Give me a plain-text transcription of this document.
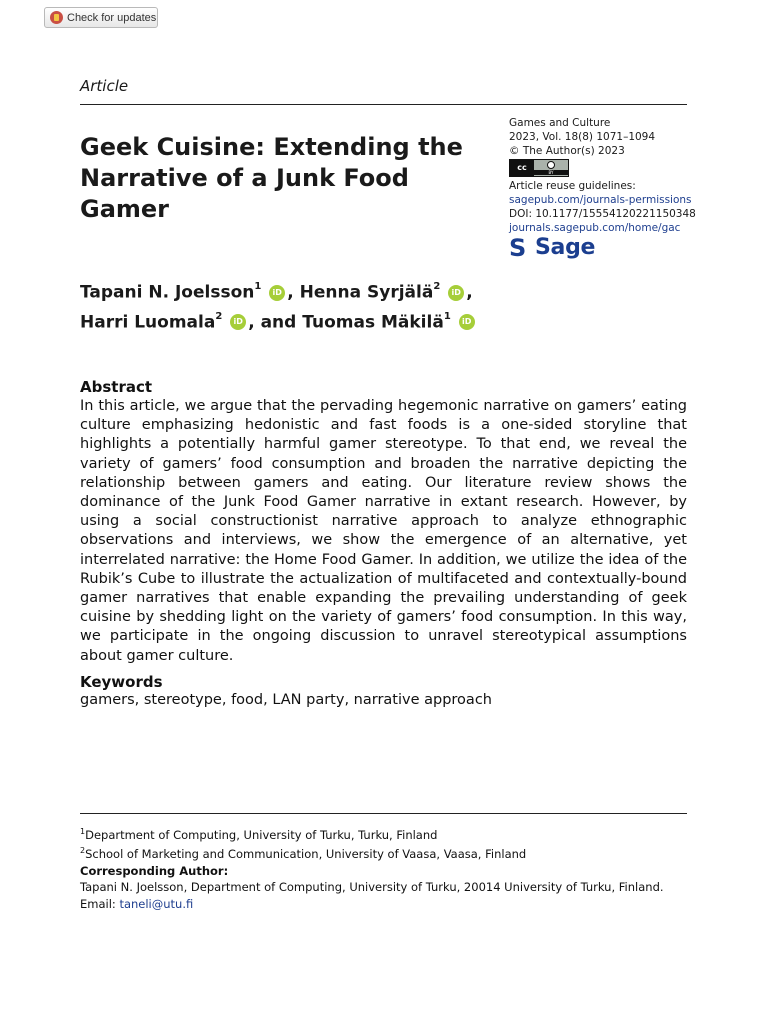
Check for updates
Article
Geek Cuisine: Extending the Narrative of a Junk Food Gamer
Games and Culture
2023, Vol. 18(8) 1071–1094
© The Author(s) 2023
cc
BY
Article reuse guidelines:
sagepub.com/journals-permissions
DOI: 10.1177/15554120221150348
journals.sagepub.com/home/gac
S Sage
Tapani N. Joelsson$^1$ iD , Henna Syrjälä$^2$ iD ,
Harri Luomala$^2$ iD , and Tuomas Mäkilä$^1$ iD
Abstract

In this article, we argue that the pervading hegemonic narrative on gamers’ eating culture emphasizing hedonistic and fast foods is a one-sided storyline that highlights a potentially harmful gamer stereotype. To that end, we reveal the variety of gamers’ food consumption and broaden the narrative depicting the relationship between gamers and eating. Our literature review shows the dominance of the Junk Food Gamer narrative in extant research. However, by using a social constructionist narrative approach to analyze ethnographic observations and interviews, we show the emergence of an alternative, yet interrelated narrative: the Home Food Gamer. In addition, we utilize the idea of the Rubik’s Cube to illustrate the actualization of multifaceted and contextually-bound gamer narratives that enable expanding the prevailing understanding of geek cuisine by shedding light on the variety of gamers’ food consumption. In this way, we participate in the ongoing discussion to unravel stereotypical assumptions about gamer culture.

Keywords
gamers, stereotype, food, LAN party, narrative approach
$^1$Department of Computing, University of Turku, Turku, Finland
$^2$School of Marketing and Communication, University of Vaasa, Vaasa, Finland
Corresponding Author:
Tapani N. Joelsson, Department of Computing, University of Turku, 20014 University of Turku, Finland.
Email: taneli@utu.fi
